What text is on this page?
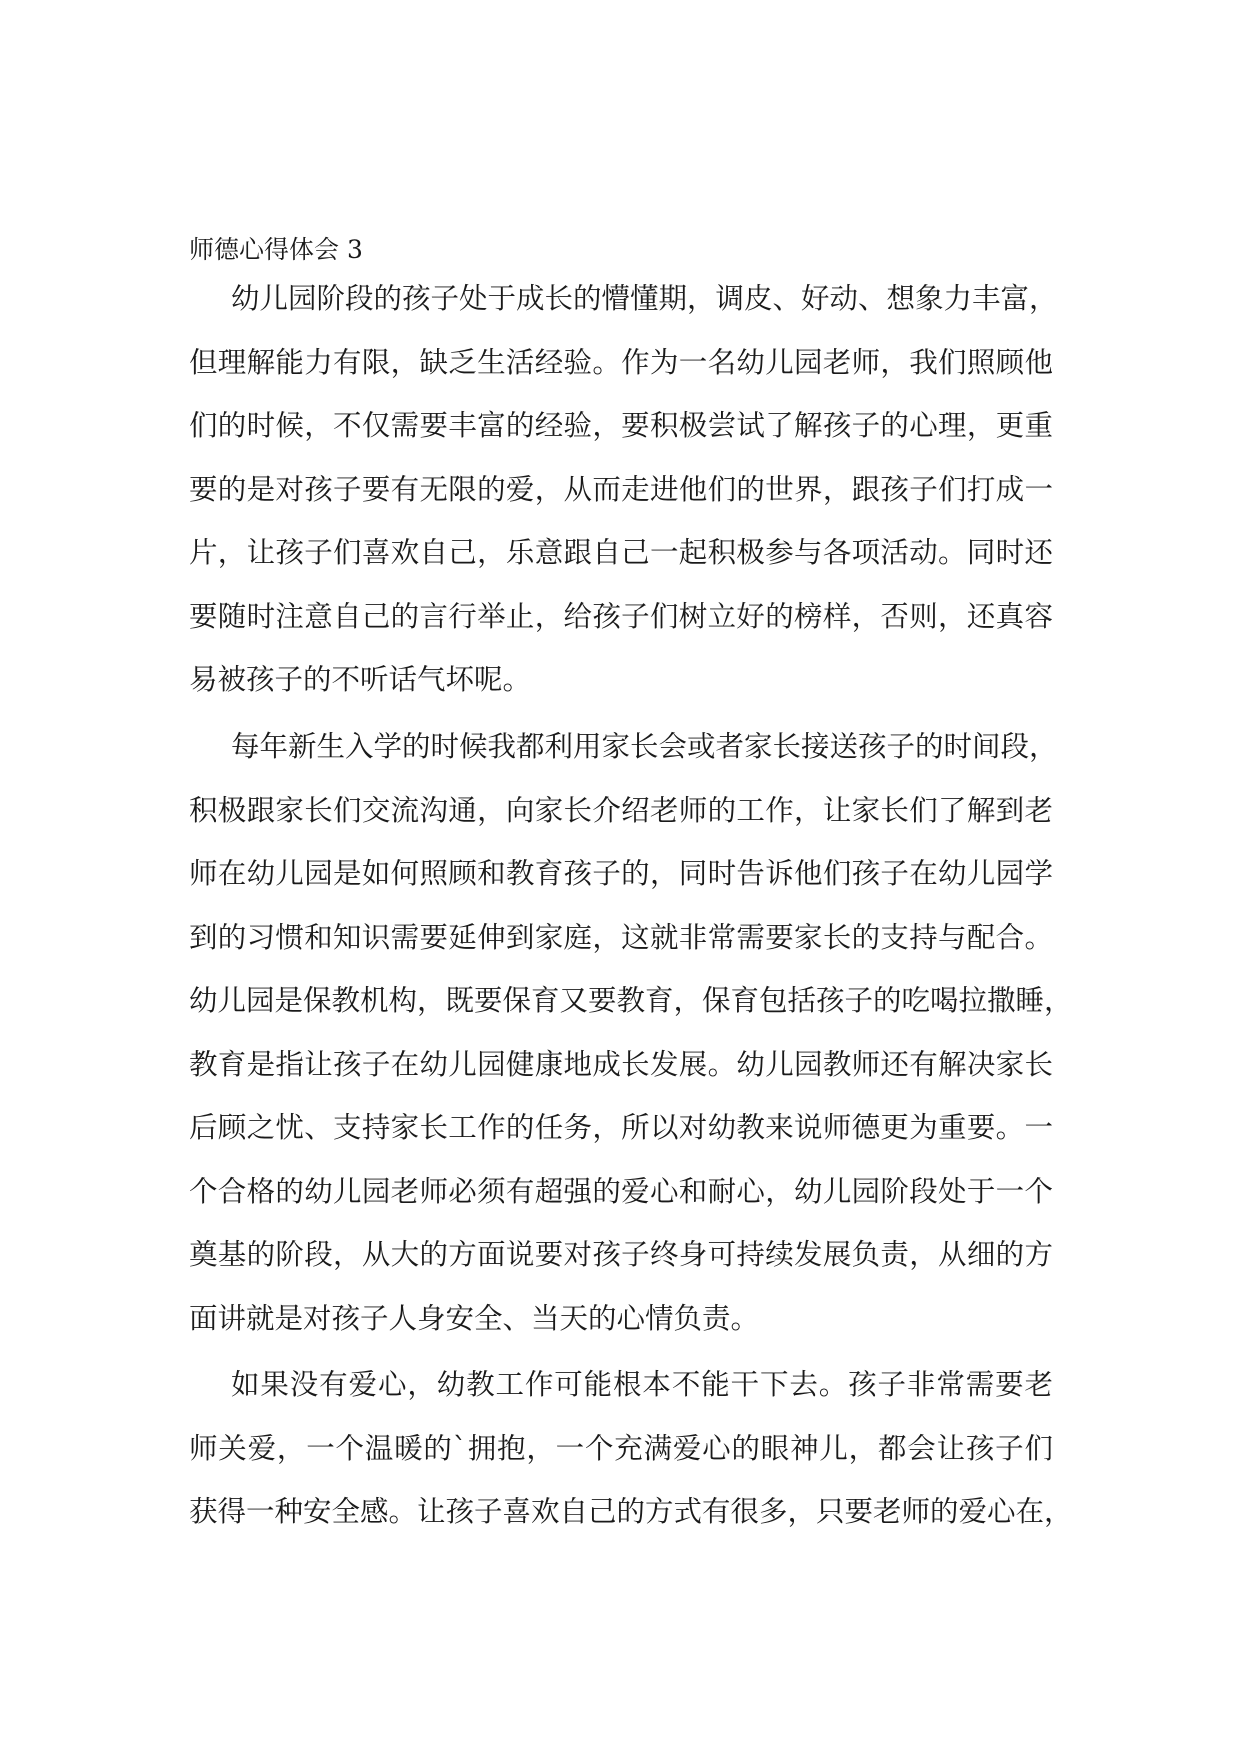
师德心得体会 3
幼儿园阶段的孩子处于成长的懵懂期，调皮、好动、想象力丰富，
但理解能力有限，缺乏生活经验。作为一名幼儿园老师，我们照顾他
们的时候，不仅需要丰富的经验，要积极尝试了解孩子的心理，更重
要的是对孩子要有无限的爱，从而走进他们的世界，跟孩子们打成一
片，让孩子们喜欢自己，乐意跟自己一起积极参与各项活动。同时还
要随时注意自己的言行举止，给孩子们树立好的榜样，否则，还真容
易被孩子的不听话气坏呢。
每年新生入学的时候我都利用家长会或者家长接送孩子的时间段，
积极跟家长们交流沟通，向家长介绍老师的工作，让家长们了解到老
师在幼儿园是如何照顾和教育孩子的，同时告诉他们孩子在幼儿园学
到的习惯和知识需要延伸到家庭，这就非常需要家长的支持与配合。
幼儿园是保教机构，既要保育又要教育，保育包括孩子的吃喝拉撒睡，
教育是指让孩子在幼儿园健康地成长发展。幼儿园教师还有解决家长
后顾之忧、支持家长工作的任务，所以对幼教来说师德更为重要。一
个合格的幼儿园老师必须有超强的爱心和耐心，幼儿园阶段处于一个
奠基的阶段，从大的方面说要对孩子终身可持续发展负责，从细的方
面讲就是对孩子人身安全、当天的心情负责。
如果没有爱心，幼教工作可能根本不能干下去。孩子非常需要老
师关爱，一个温暖的`拥抱，一个充满爱心的眼神儿，都会让孩子们
获得一种安全感。让孩子喜欢自己的方式有很多，只要老师的爱心在，
